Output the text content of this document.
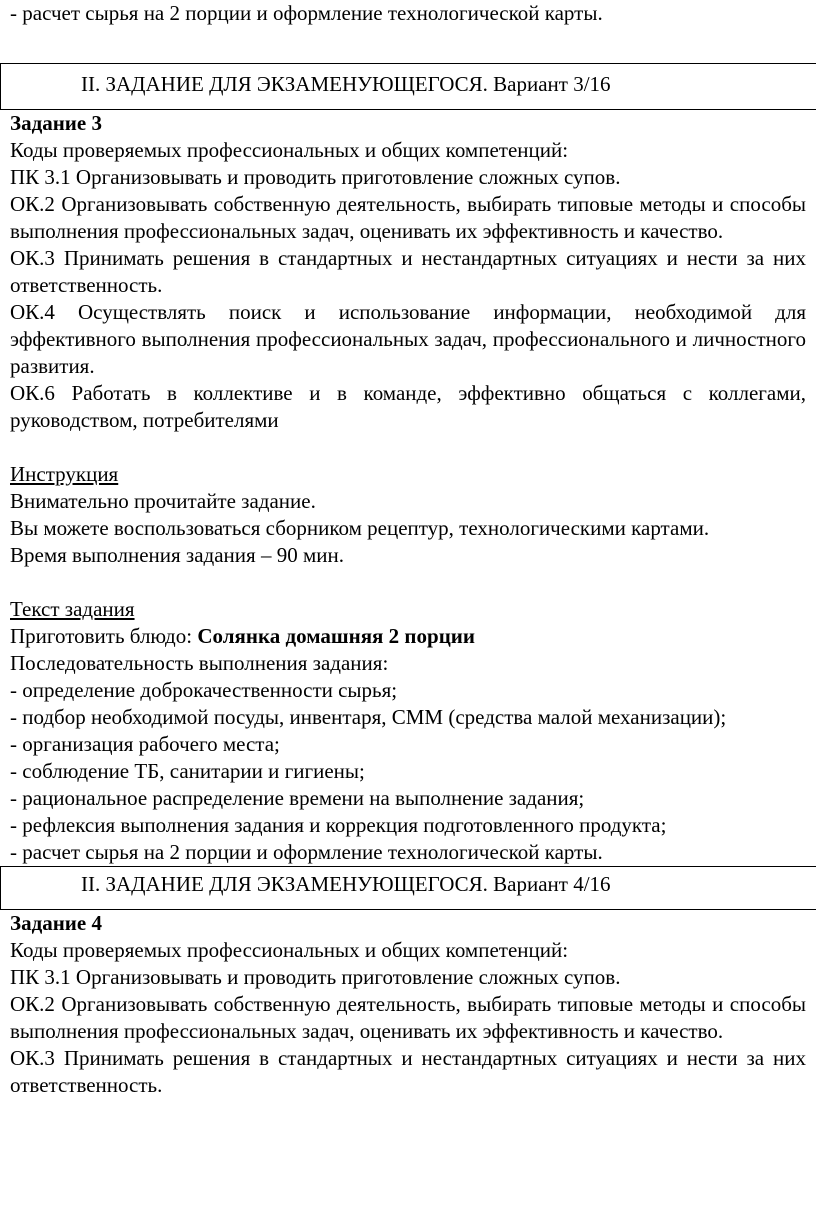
- расчет сырья на 2 порции и оформление технологической карты.

II. ЗАДАНИЕ ДЛЯ ЭКЗАМЕНУЮЩЕГОСЯ. Вариант 3/16

Задание 3

Коды проверяемых профессиональных и общих компетенций:

ПК 3.1 Организовывать и проводить приготовление сложных супов.

ОК.2 Организовывать собственную деятельность, выбирать типовые методы и способы выполнения профессиональных задач, оценивать их эффективность и качество.

ОК.3 Принимать решения в стандартных и нестандартных ситуациях и нести за них ответственность.

ОК.4 Осуществлять поиск и использование информации, необходимой для эффективного выполнения профессиональных задач, профессионального и личностного развития.

ОК.6 Работать в коллективе и в команде, эффективно общаться с коллегами, руководством, потребителями

Инструкция

Внимательно прочитайте задание.

Вы можете воспользоваться сборником рецептур, технологическими картами.

Время выполнения задания – 90 мин.

Текст задания

Приготовить блюдо: Солянка домашняя 2 порции

Последовательность выполнения задания:

- определение доброкачественности сырья;

- подбор необходимой посуды, инвентаря, СММ (средства малой механизации);

- организация рабочего места;

- соблюдение ТБ, санитарии и гигиены;

- рациональное распределение времени на выполнение задания;

- рефлексия выполнения задания и коррекция подготовленного продукта;

- расчет сырья на 2 порции и оформление технологической карты.

II. ЗАДАНИЕ ДЛЯ ЭКЗАМЕНУЮЩЕГОСЯ. Вариант 4/16

Задание 4

Коды проверяемых профессиональных и общих компетенций:

ПК 3.1 Организовывать и проводить приготовление сложных супов.

ОК.2 Организовывать собственную деятельность, выбирать типовые методы и способы выполнения профессиональных задач, оценивать их эффективность и качество.

ОК.3 Принимать решения в стандартных и нестандартных ситуациях и нести за них ответственность.
